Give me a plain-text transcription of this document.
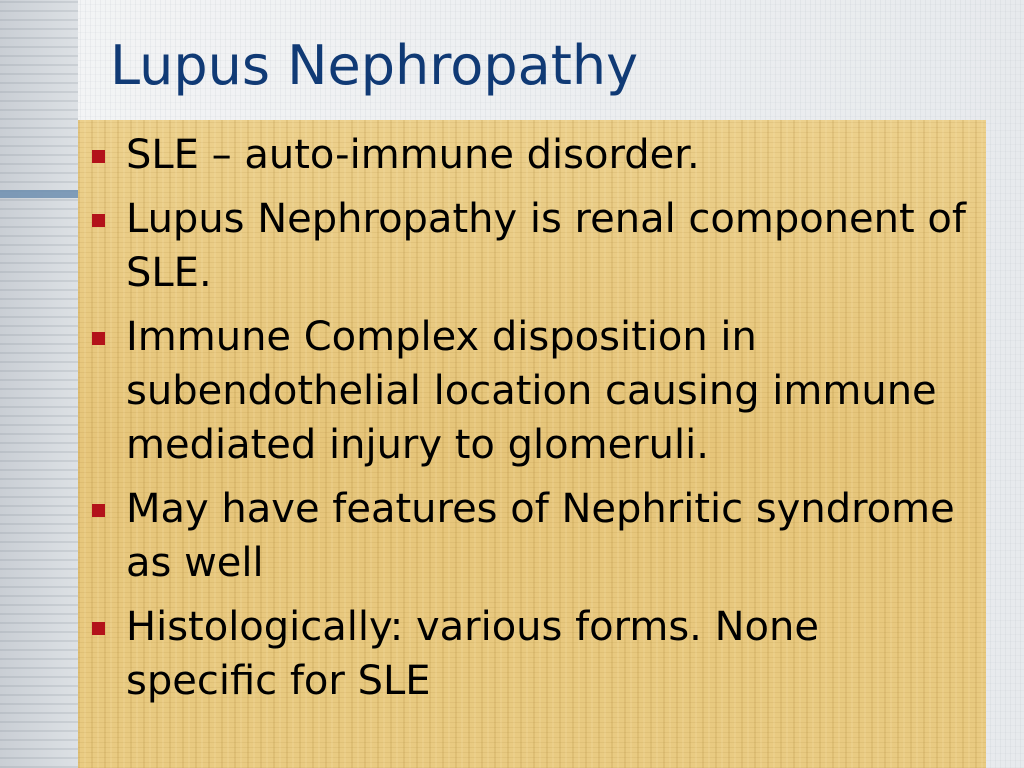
Lupus Nephropathy
SLE – auto-immune disorder.
Lupus Nephropathy is renal component of SLE.
Immune Complex disposition in subendothelial location causing immune mediated injury to glomeruli.
May have features of Nephritic syndrome as well
Histologically: various forms. None specific for SLE
